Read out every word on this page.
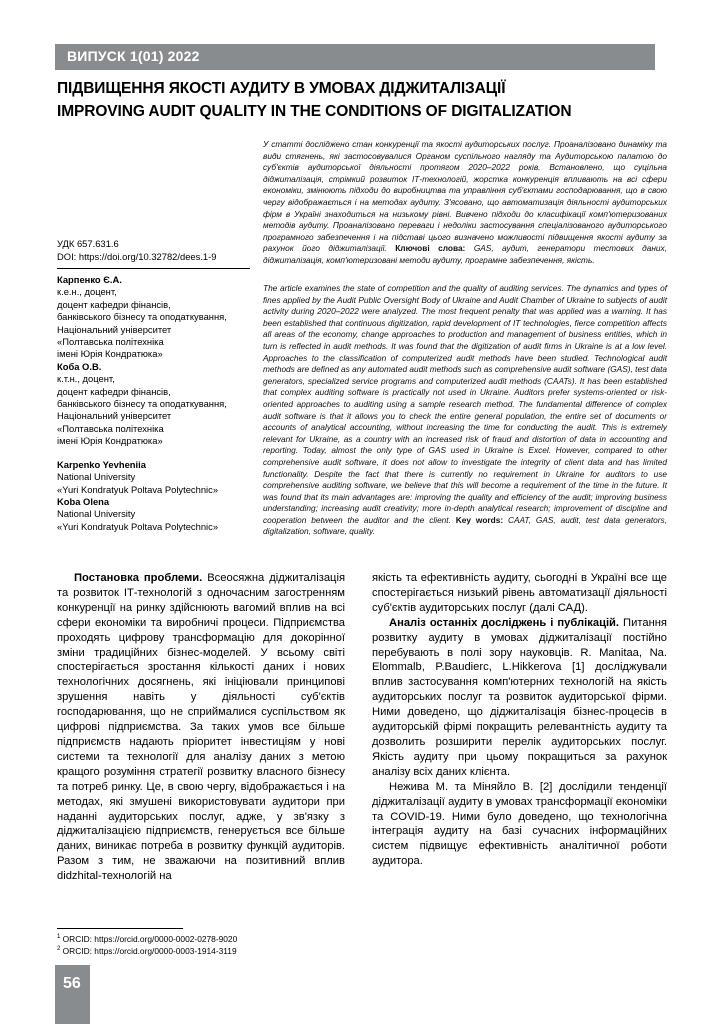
ВИПУСК 1(01) 2022
ПІДВИЩЕННЯ ЯКОСТІ АУДИТУ В УМОВАХ ДІДЖИТАЛІЗАЦІЇ
IMPROVING AUDIT QUALITY IN THE CONDITIONS OF DIGITALIZATION
УДК 657.631.6
DOI: https://doi.org/10.32782/dees.1-9
Карпенко Є.А.
к.е.н., доцент,
доцент кафедри фінансів,
банківського бізнесу та оподаткування,
Національний університет
«Полтавська політехніка
імені Юрія Кондратюка»
Коба О.В.
к.т.н., доцент,
доцент кафедри фінансів,
банківського бізнесу та оподаткування,
Національний університет
«Полтавська політехніка
імені Юрія Кондратюка»
Karpenko Yevheniia
National University
«Yuri Kondratyuk Poltava Polytechnic»
Koba Olena
National University
«Yuri Kondratyuk Poltava Polytechnic»
У статті досліджено стан конкуренції та якості аудиторських послуг. Проаналізовано динаміку та види стягнень, які застосовувалися Органом суспільного нагляду та Аудиторською палатою до суб'єктів аудиторської діяльності протягом 2020–2022 років. Встановлено, що суцільна діджиталізація, стрімкий розвиток ІТ-технологій, жорстка конкуренція впливають на всі сфери економіки, змінюють підходи до виробництва та управління суб'єктами господарювання, що в свою чергу відображається і на методах аудиту. З'ясовано, що автоматизація діяльності аудиторських фірм в Україні знаходиться на низькому рівні. Вивчено підходи до класифікації комп'ютеризованих методів аудиту. Проаналізовано переваги і недоліки застосування спеціалізованого аудиторського програмного забезпечення і на підставі цього визначено можливості підвищення якості аудиту за рахунок його діджиталізації. Ключові слова: GAS, аудит, генератори тестових даних, діджиталізація, комп'ютеризовані методи аудиту, програмне забезпечення, якість.
The article examines the state of competition and the quality of auditing services. The dynamics and types of fines applied by the Audit Public Oversight Body of Ukraine and Audit Chamber of Ukraine to subjects of audit activity during 2020–2022 were analyzed. The most frequent penalty that was applied was a warning. It has been established that continuous digitization, rapid development of IT technologies, fierce competition affects all areas of the economy, change approaches to production and management of business entities, which in turn is reflected in audit methods. It was found that the digitization of audit firms in Ukraine is at a low level. Approaches to the classification of computerized audit methods have been studied. Technological audit methods are defined as any automated audit methods such as comprehensive audit software (GAS), test data generators, specialized service programs and computerized audit methods (CAATs). It has been established that complex auditing software is practically not used in Ukraine. Auditors prefer systems-oriented or risk-oriented approaches to auditing using a sample research method. The fundamental difference of complex audit software is that it allows you to check the entire general population, the entire set of documents or accounts of analytical accounting, without increasing the time for conducting the audit. This is extremely relevant for Ukraine, as a country with an increased risk of fraud and distortion of data in accounting and reporting. Today, almost the only type of GAS used in Ukraine is Excel. However, compared to other comprehensive audit software, it does not allow to investigate the integrity of client data and has limited functionality. Despite the fact that there is currently no requirement in Ukraine for auditors to use comprehensive auditing software, we believe that this will become a requirement of the time in the future. It was found that its main advantages are: improving the quality and efficiency of the audit; improving business understanding; increasing audit creativity; more in-depth analytical research; improvement of discipline and cooperation between the auditor and the client. Key words: CAAT, GAS, audit, test data generators, digitalization, software, quality.

Постановка проблеми. Всеосяжна діджиталізація та розвиток ІТ-технологій з одночасним загостренням конкуренції на ринку здійснюють вагомий вплив на всі сфери економіки та виробничі процеси. Підприємства проходять цифрову трансформацію для докорінної зміни традиційних бізнес-моделей. У всьому світі спостерігається зростання кількості даних і нових технологічних досягнень, які ініціювали принципові зрушення навіть у діяльності суб'єктів господарювання, що не сприймалися суспільством як цифрові підприємства. За таких умов все більше підприємств надають пріоритет інвестиціям у нові системи та технології для аналізу даних з метою кращого розуміння стратегії розвитку власного бізнесу та потреб ринку. Це, в свою чергу, відображається і на методах, які змушені використовувати аудитори при наданні аудиторських послуг, адже, у зв'язку з діджиталізацією підприємств, генерується все більше даних, виникає потреба в розвитку функцій аудиторів. Разом з тим, не зважаючи на позитивний вплив didzhital-технологій на

якість та ефективність аудиту, сьогодні в Україні все ще спостерігається низький рівень автоматизації діяльності суб'єктів аудиторських послуг (далі САД).

Аналіз останніх досліджень і публікацій. Питання розвитку аудиту в умовах діджиталізації постійно перебувають в полі зору науковців. R. Manitaa, Na. Elommalb, P.Baudierc, L.Hikkerova [1] досліджували вплив застосування комп'ютерних технологій на якість аудиторських послуг та розвиток аудиторської фірми. Ними доведено, що діджиталізація бізнес-процесів в аудиторській фірмі покращить релевантність аудиту та дозволить розширити перелік аудиторських послуг. Якість аудиту при цьому покращиться за рахунок аналізу всіх даних клієнта.

Нежива М. та Міняйло В. [2] дослідили тенденції діджиталізації аудиту в умовах трансформації економіки та COVID-19. Ними було доведено, що технологічна інтеграція аудиту на базі сучасних інформаційних систем підвищує ефективність аналітичної роботи аудитора.

$^1$ ORCID: https://orcid.org/0000-0002-0278-9020
$^2$ ORCID: https://orcid.org/0000-0003-1914-3119
56
